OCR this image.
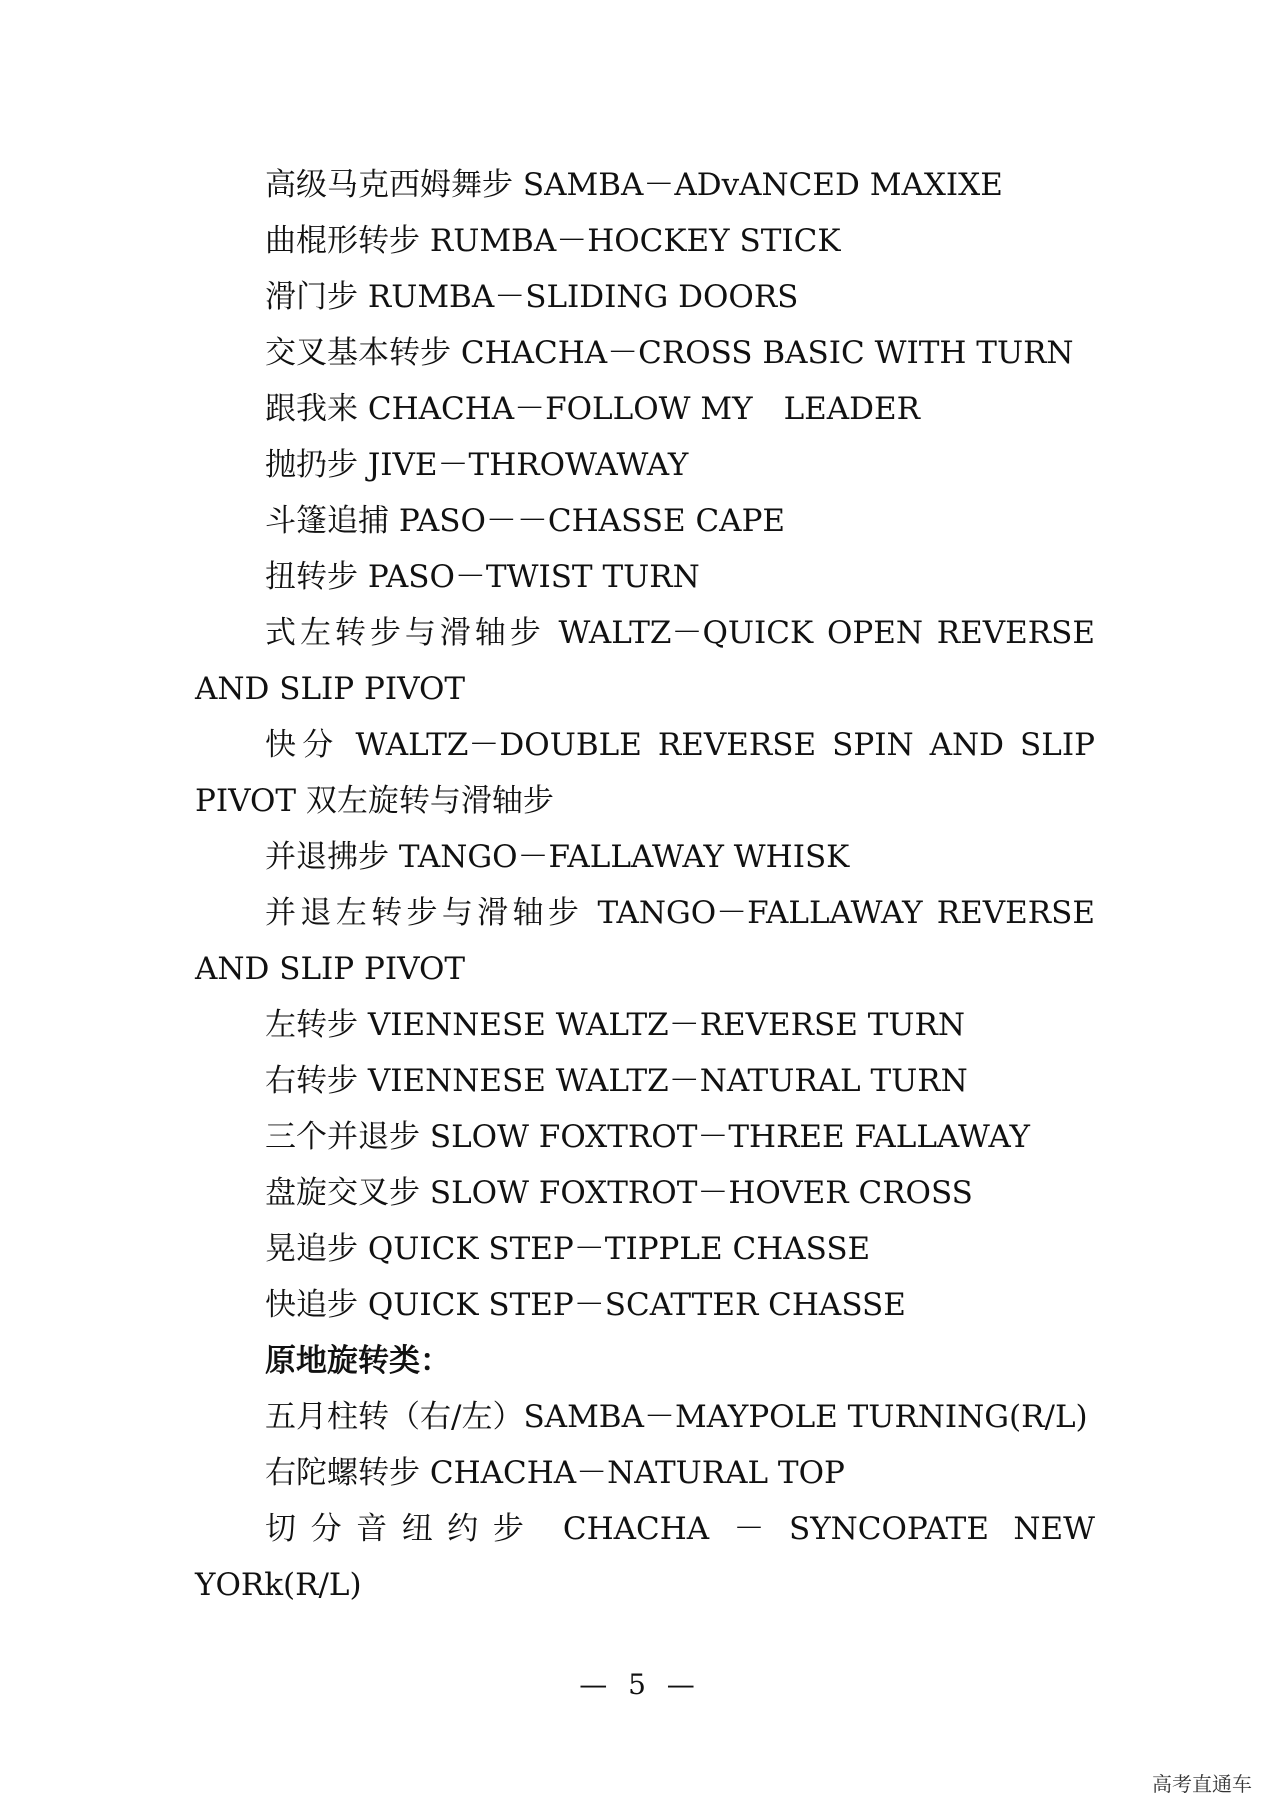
高级马克西姆舞步 SAMBA－ADvANCED MAXIXE
曲棍形转步 RUMBA－HOCKEY STICK
滑门步 RUMBA－SLIDING DOORS
交叉基本转步 CHACHA－CROSS BASIC WITH TURN
跟我来 CHACHA－FOLLOW MY　LEADER
抛扔步 JIVE－THROWAWAY
斗篷追捕 PASO－－CHASSE CAPE
扭转步 PASO－TWIST TURN
式左转步与滑轴步 WALTZ－QUICK OPEN REVERSE
AND SLIP PIVOT
快分 WALTZ－DOUBLE REVERSE SPIN AND SLIP
PIVOT 双左旋转与滑轴步
并退拂步 TANGO－FALLAWAY WHISK
并退左转步与滑轴步 TANGO－FALLAWAY REVERSE
AND SLIP PIVOT
左转步 VIENNESE WALTZ－REVERSE TURN
右转步 VIENNESE WALTZ－NATURAL TURN
三个并退步 SLOW FOXTROT－THREE FALLAWAY
盘旋交叉步 SLOW FOXTROT－HOVER CROSS
晃追步 QUICK STEP－TIPPLE CHASSE
快追步 QUICK STEP－SCATTER CHASSE
原地旋转类：
五月柱转（右/左）SAMBA－MAYPOLE TURNING(R/L)
右陀螺转步 CHACHA－NATURAL TOP
切分音纽约步 CHACHA － SYNCOPATE NEW
YORk(R/L)
— 5 —
高考直通车
